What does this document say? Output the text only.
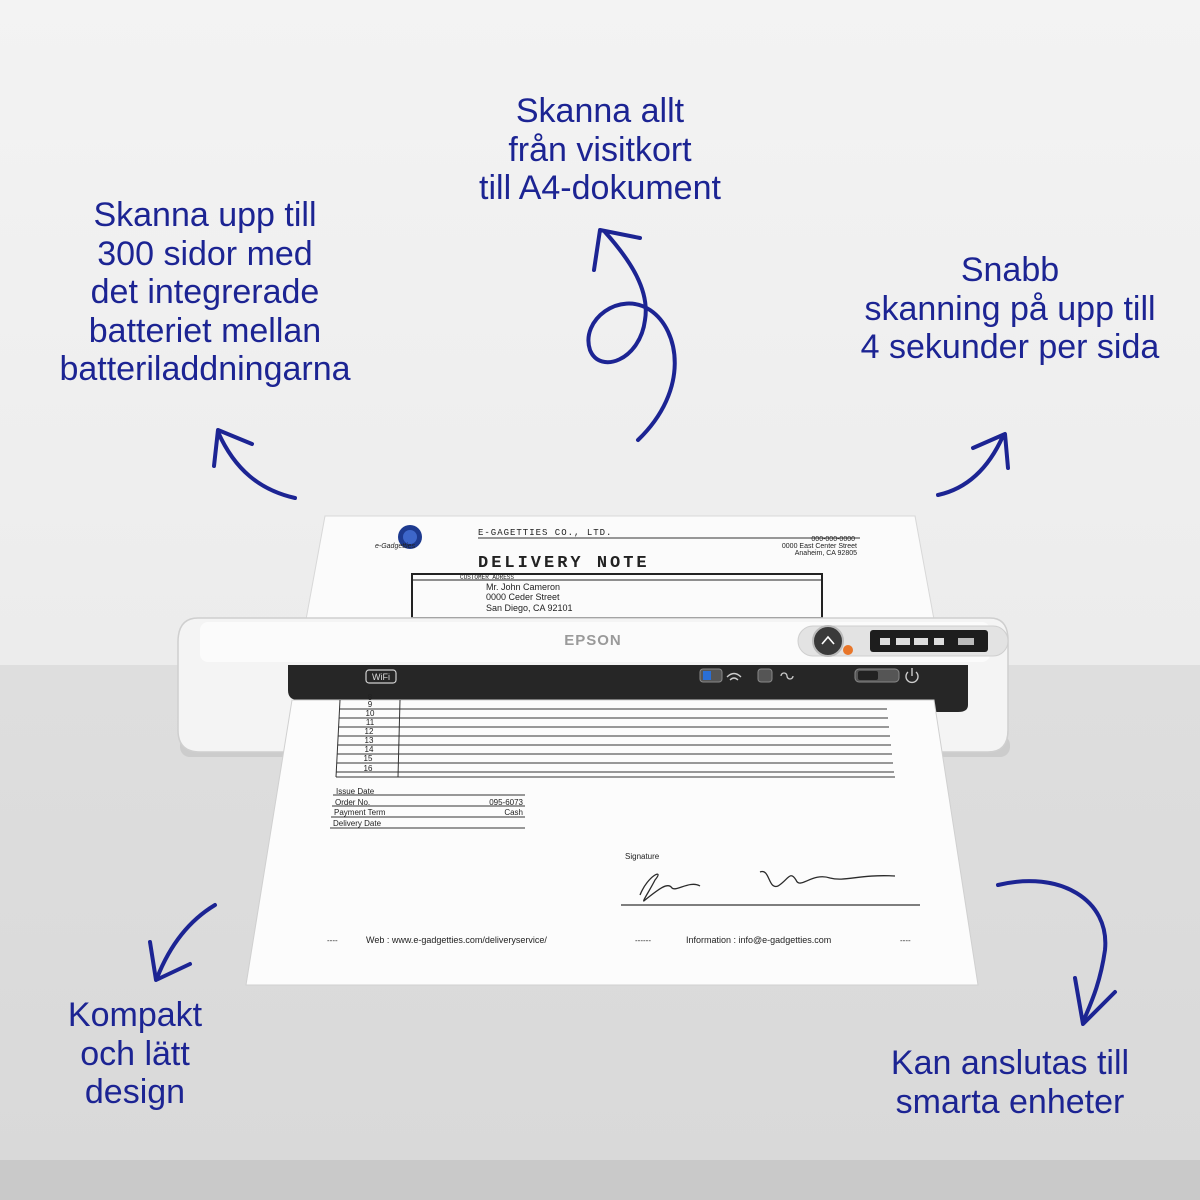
Skanna allt
från visitkort
till A4-dokument
Skanna upp till
300 sidor med
det integrerade
batteriet mellan
batteriladdningarna
Snabb
skanning på upp till
4 sekunder per sida
Kompakt
och lätt
design
Kan anslutas till
smarta enheter
e-Gadgetties
E-GAGETTIES CO., LTD.
000-000-0000
0000 East Center Street
Anaheim, CA 92805
DELIVERY NOTE
CUSTOMER ADRESS
Mr. John Cameron
0000 Ceder Street
San Diego, CA 92101
EPSON
WiFi
8
9
10
11
12
13
14
15
16
Issue Date
Order No.	095-6073
Payment Term	Cash
Delivery Date
Signature
----	Web : www.e-gadgetties.com/deliveryservice/	------	Information : info@e-gadgetties.com	----
